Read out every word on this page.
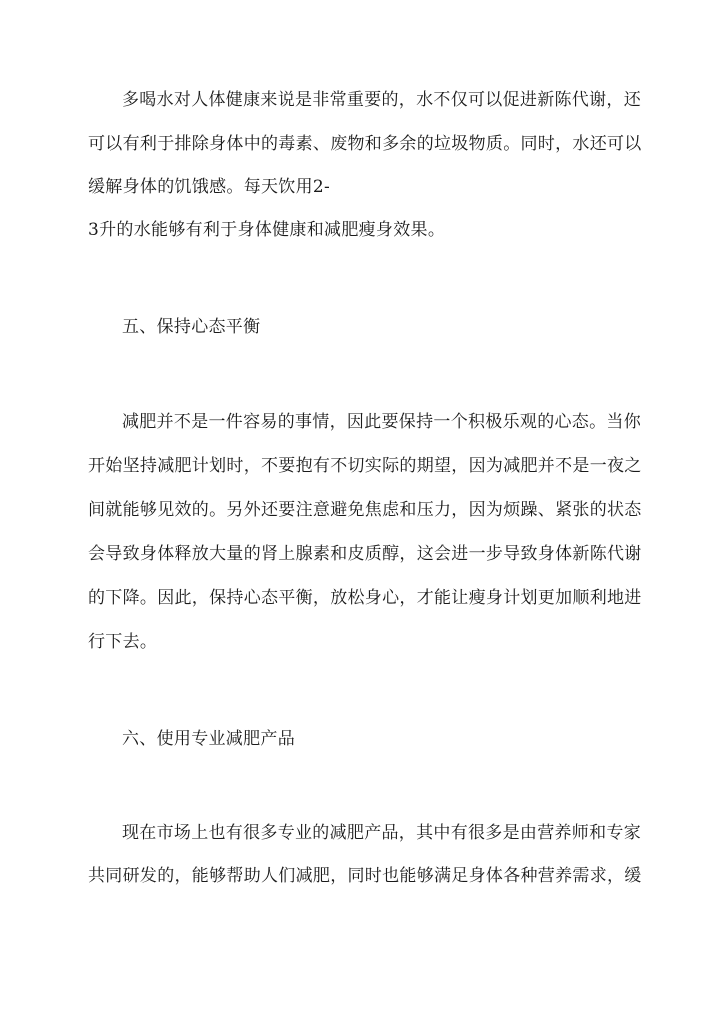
多喝水对人体健康来说是非常重要的，水不仅可以促进新陈代谢，还
可以有利于排除身体中的毒素、废物和多余的垃圾物质。同时，水还可以
缓解身体的饥饿感。每天饮用2-
3升的水能够有利于身体健康和减肥瘦身效果。
五、保持心态平衡
减肥并不是一件容易的事情，因此要保持一个积极乐观的心态。当你
开始坚持减肥计划时，不要抱有不切实际的期望，因为减肥并不是一夜之
间就能够见效的。另外还要注意避免焦虑和压力，因为烦躁、紧张的状态
会导致身体释放大量的肾上腺素和皮质醇，这会进一步导致身体新陈代谢
的下降。因此，保持心态平衡，放松身心，才能让瘦身计划更加顺利地进
行下去。
六、使用专业减肥产品
现在市场上也有很多专业的减肥产品，其中有很多是由营养师和专家
共同研发的，能够帮助人们减肥，同时也能够满足身体各种营养需求，缓
